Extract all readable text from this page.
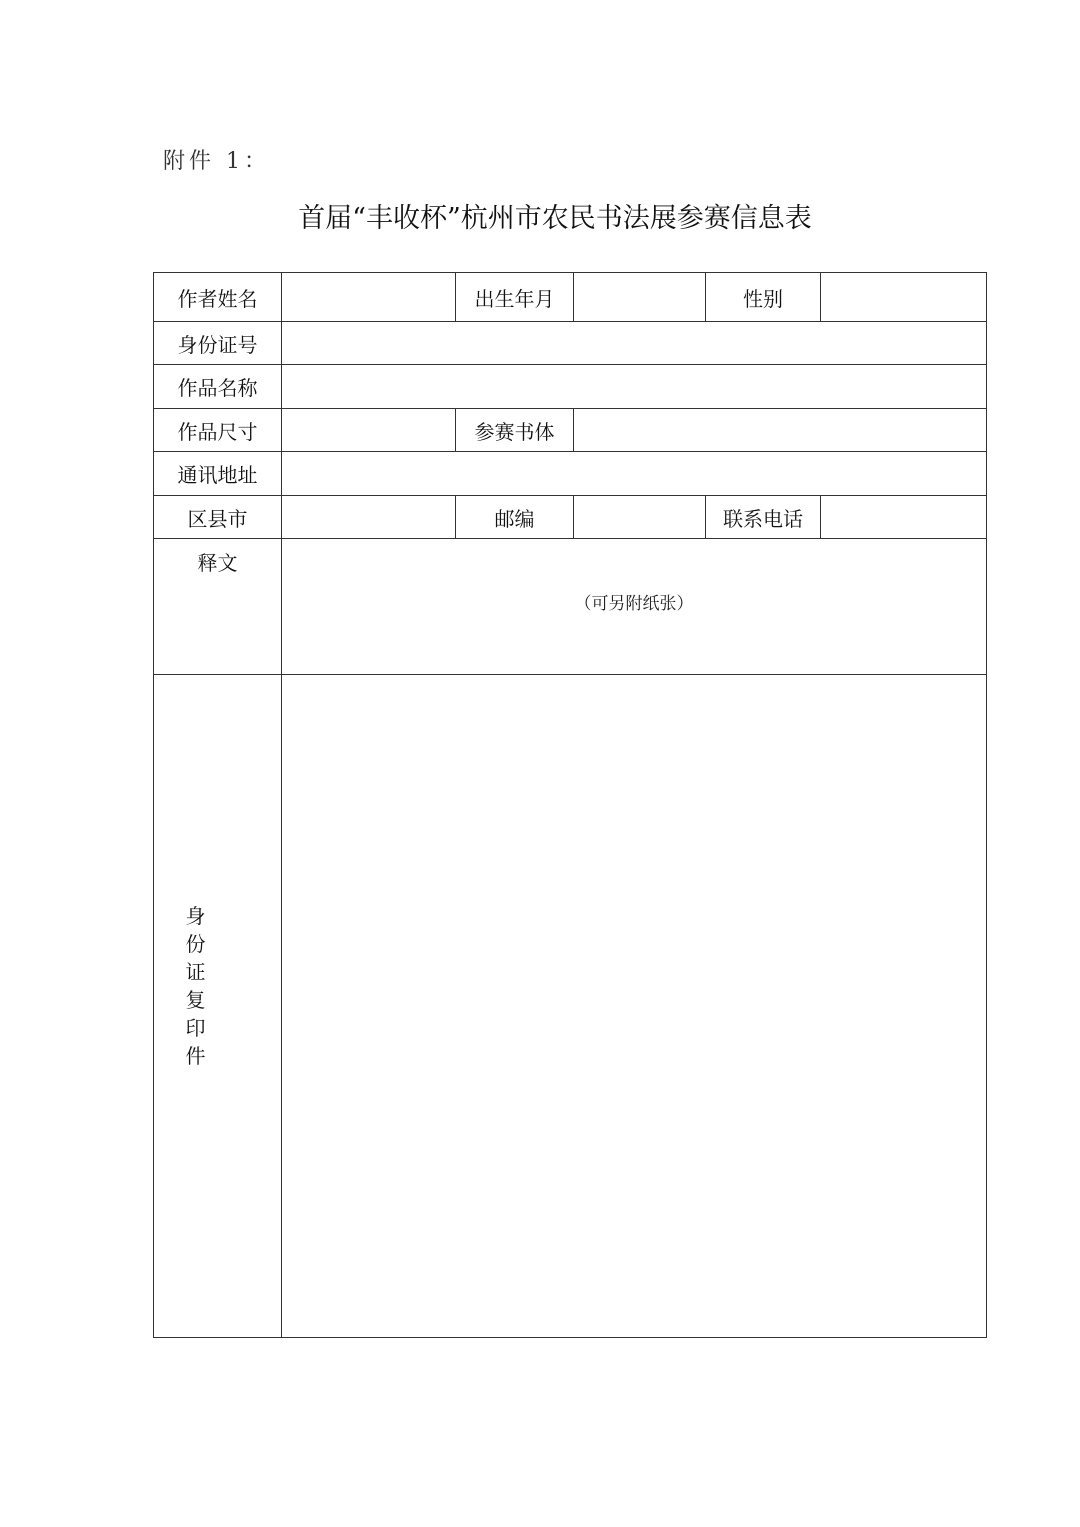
附件 1：
首届“丰收杯”杭州市农民书法展参赛信息表
作者姓名		出生年月		性别	
身份证号					
作品名称					
作品尺寸		参赛书体			
通讯地址					
区县市		邮编		联系电话	
释文	（可另附纸张）				

身份证复印件					
